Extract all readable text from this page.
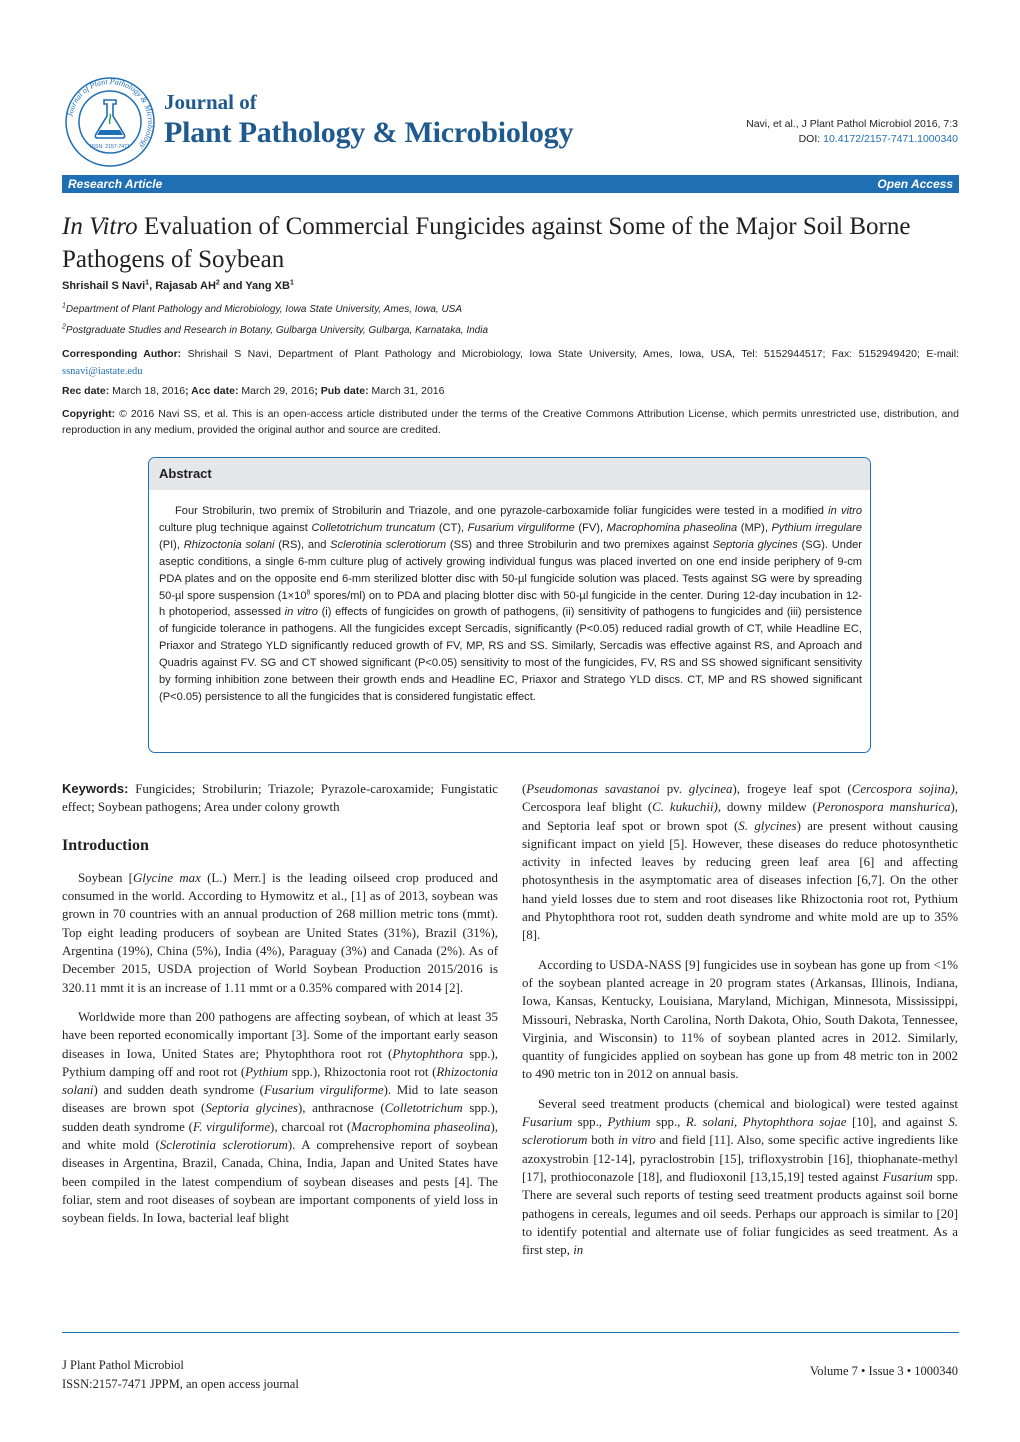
Journal of Plant Pathology & Microbiology
ISSN: 2157-7471
Journal of
Plant Pathology & Microbiology	Navi, et al., J Plant Pathol Microbiol 2016, 7:3
DOI: 10.4172/2157-7471.1000340
Research Article	Open Access
In Vitro Evaluation of Commercial Fungicides against Some of the Major Soil Borne Pathogens of Soybean
Shrishail S Navi$^1$, Rajasab $AH^2$ and Yang $XB^1$
$^1$Department of Plant Pathology and Microbiology, Iowa State University, Ames, Iowa, USA
$^2$Postgraduate Studies and Research in Botany, Gulbarga University, Gulbarga, Karnataka, India
Corresponding Author: Shrishail S Navi, Department of Plant Pathology and Microbiology, Iowa State University, Ames, Iowa, USA, Tel: 5152944517; Fax: 5152949420; E-mail: ssnavi@iastate.edu
Rec date: March 18, 2016; Acc date: March 29, 2016; Pub date: March 31, 2016
Copyright: © 2016 Navi SS, et al. This is an open-access article distributed under the terms of the Creative Commons Attribution License, which permits unrestricted use, distribution, and reproduction in any medium, provided the original author and source are credited.
Abstract
Four Strobilurin, two premix of Strobilurin and Triazole, and one pyrazole-carboxamide foliar fungicides were tested in a modified in vitro culture plug technique against Colletotrichum truncatum (CT), Fusarium virguliforme (FV), Macrophomina phaseolina (MP), Pythium irregulare (PI), Rhizoctonia solani (RS), and Sclerotinia sclerotiorum (SS) and three Strobilurin and two premixes against Septoria glycines (SG). Under aseptic conditions, a single 6-mm culture plug of actively growing individual fungus was placed inverted on one end inside periphery of 9-cm PDA plates and on the opposite end 6-mm sterilized blotter disc with 50-µl fungicide solution was placed. Tests against SG were by spreading 50-µl spore suspension ($1\times 10^8$ spores/ml) on to PDA and placing blotter disc with 50-µl fungicide in the center. During 12-day incubation in 12-h photoperiod, assessed in vitro (i) effects of fungicides on growth of pathogens, (ii) sensitivity of pathogens to fungicides and (iii) persistence of fungicide tolerance in pathogens. All the fungicides except Sercadis, significantly (P<0.05) reduced radial growth of CT, while Headline EC, Priaxor and Stratego YLD significantly reduced growth of FV, MP, RS and SS. Similarly, Sercadis was effective against RS, and Aproach and Quadris against FV. SG and CT showed significant (P<0.05) sensitivity to most of the fungicides, FV, RS and SS showed significant sensitivity by forming inhibition zone between their growth ends and Headline EC, Priaxor and Stratego YLD discs. CT, MP and RS showed significant (P<0.05) persistence to all the fungicides that is considered fungistatic effect.

Keywords: Fungicides; Strobilurin; Triazole; Pyrazole-caroxamide; Fungistatic effect; Soybean pathogens; Area under colony growth

Introduction

Soybean [Glycine max (L.) Merr.] is the leading oilseed crop produced and consumed in the world. According to Hymowitz et al., [1] as of 2013, soybean was grown in 70 countries with an annual production of 268 million metric tons (mmt). Top eight leading producers of soybean are United States (31%), Brazil (31%), Argentina (19%), China (5%), India (4%), Paraguay (3%) and Canada (2%). As of December 2015, USDA projection of World Soybean Production 2015/2016 is 320.11 mmt it is an increase of 1.11 mmt or a 0.35% compared with 2014 [2].

Worldwide more than 200 pathogens are affecting soybean, of which at least 35 have been reported economically important [3]. Some of the important early season diseases in Iowa, United States are; Phytophthora root rot (Phytophthora spp.), Pythium damping off and root rot (Pythium spp.), Rhizoctonia root rot (Rhizoctonia solani) and sudden death syndrome (Fusarium virguliforme). Mid to late season diseases are brown spot (Septoria glycines), anthracnose (Colletotrichum spp.), sudden death syndrome (F. virguliforme), charcoal rot (Macrophomina phaseolina), and white mold (Sclerotinia sclerotiorum). A comprehensive report of soybean diseases in Argentina, Brazil, Canada, China, India, Japan and United States have been compiled in the latest compendium of soybean diseases and pests [4]. The foliar, stem and root diseases of soybean are important components of yield loss in soybean fields. In Iowa, bacterial leaf blight

(Pseudomonas savastanoi pv. glycinea), frogeye leaf spot (Cercospora sojina), Cercospora leaf blight (C. kukuchii), downy mildew (Peronospora manshurica), and Septoria leaf spot or brown spot (S. glycines) are present without causing significant impact on yield [5]. However, these diseases do reduce photosynthetic activity in infected leaves by reducing green leaf area [6] and affecting photosynthesis in the asymptomatic area of diseases infection [6,7]. On the other hand yield losses due to stem and root diseases like Rhizoctonia root rot, Pythium and Phytophthora root rot, sudden death syndrome and white mold are up to 35% [8].

According to USDA-NASS [9] fungicides use in soybean has gone up from <1% of the soybean planted acreage in 20 program states (Arkansas, Illinois, Indiana, Iowa, Kansas, Kentucky, Louisiana, Maryland, Michigan, Minnesota, Mississippi, Missouri, Nebraska, North Carolina, North Dakota, Ohio, South Dakota, Tennessee, Virginia, and Wisconsin) to 11% of soybean planted acres in 2012. Similarly, quantity of fungicides applied on soybean has gone up from 48 metric ton in 2002 to 490 metric ton in 2012 on annual basis.

Several seed treatment products (chemical and biological) were tested against Fusarium spp., Pythium spp., R. solani, Phytophthora sojae [10], and against S. sclerotiorum both in vitro and field [11]. Also, some specific active ingredients like azoxystrobin [12-14], pyraclostrobin [15], trifloxystrobin [16], thiophanate-methyl [17], prothioconazole [18], and fludioxonil [13,15,19] tested against Fusarium spp. There are several such reports of testing seed treatment products against soil borne pathogens in cereals, legumes and oil seeds. Perhaps our approach is similar to [20] to identify potential and alternate use of foliar fungicides as seed treatment. As a first step, in

J Plant Pathol Microbiol
ISSN:2157-7471 JPPM, an open access journal
Volume 7 • Issue 3 • 1000340
